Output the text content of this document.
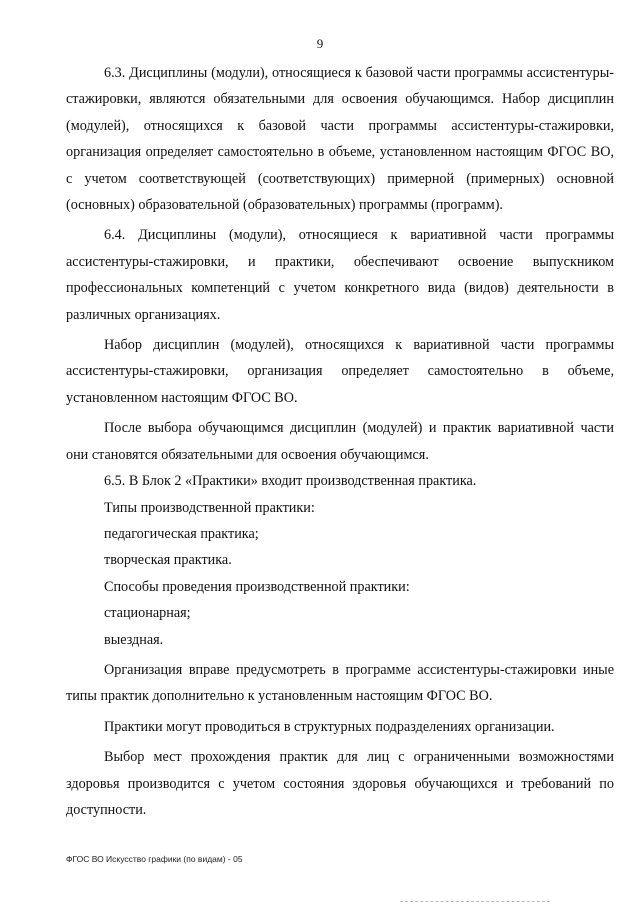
9

6.3. Дисциплины (модули), относящиеся к базовой части программы ассистентуры-стажировки, являются обязательными для освоения обучающимся. Набор дисциплин (модулей), относящихся к базовой части программы ассистентуры-стажировки, организация определяет самостоятельно в объеме, установленном настоящим ФГОС ВО, с учетом соответствующей (соответствующих) примерной (примерных) основной (основных) образовательной (образовательных) программы (программ).

6.4. Дисциплины (модули), относящиеся к вариативной части программы ассистентуры-стажировки, и практики, обеспечивают освоение выпускником профессиональных компетенций с учетом конкретного вида (видов) деятельности в различных организациях.

Набор дисциплин (модулей), относящихся к вариативной части программы ассистентуры-стажировки, организация определяет самостоятельно в объеме, установленном настоящим ФГОС ВО.

После выбора обучающимся дисциплин (модулей) и практик вариативной части они становятся обязательными для освоения обучающимся.

6.5. В Блок 2 «Практики» входит производственная практика.

Типы производственной практики:

педагогическая практика;

творческая практика.

Способы проведения производственной практики:

стационарная;

выездная.

Организация вправе предусмотреть в программе ассистентуры-стажировки иные типы практик дополнительно к установленным настоящим ФГОС ВО.

Практики могут проводиться в структурных подразделениях организации.

Выбор мест прохождения практик для лиц с ограниченными возможностями здоровья производится с учетом состояния здоровья обучающихся и требований по доступности.

ФГОС ВО Искусство графики (по видам) - 05
